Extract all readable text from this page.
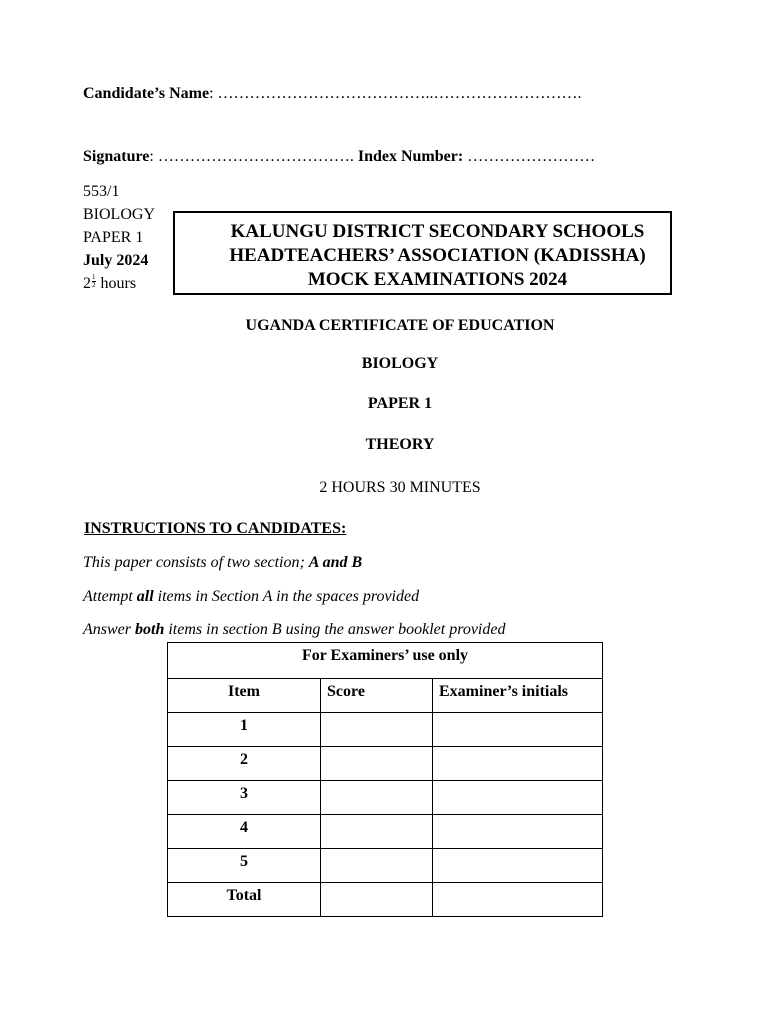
Candidate’s Name: …………………………………..……………………….
Signature: ………………………………. Index Number: ……………………
553/1
BIOLOGY
PAPER 1
July 2024
$2 \frac{1}{2}$ hours
KALUNGU DISTRICT SECONDARY SCHOOLS
HEADTEACHERS’ ASSOCIATION (KADISSHA)
MOCK EXAMINATIONS 2024
UGANDA CERTIFICATE OF EDUCATION
BIOLOGY
PAPER 1
THEORY
2 HOURS 30 MINUTES
INSTRUCTIONS TO CANDIDATES:
This paper consists of two section; A and B
Attempt all items in Section A in the spaces provided
Answer both items in section B using the answer booklet provided
For Examiners’ use only		
Item	Score	Examiner’s initials
1		
2		
3		
4		
5		
Total		
